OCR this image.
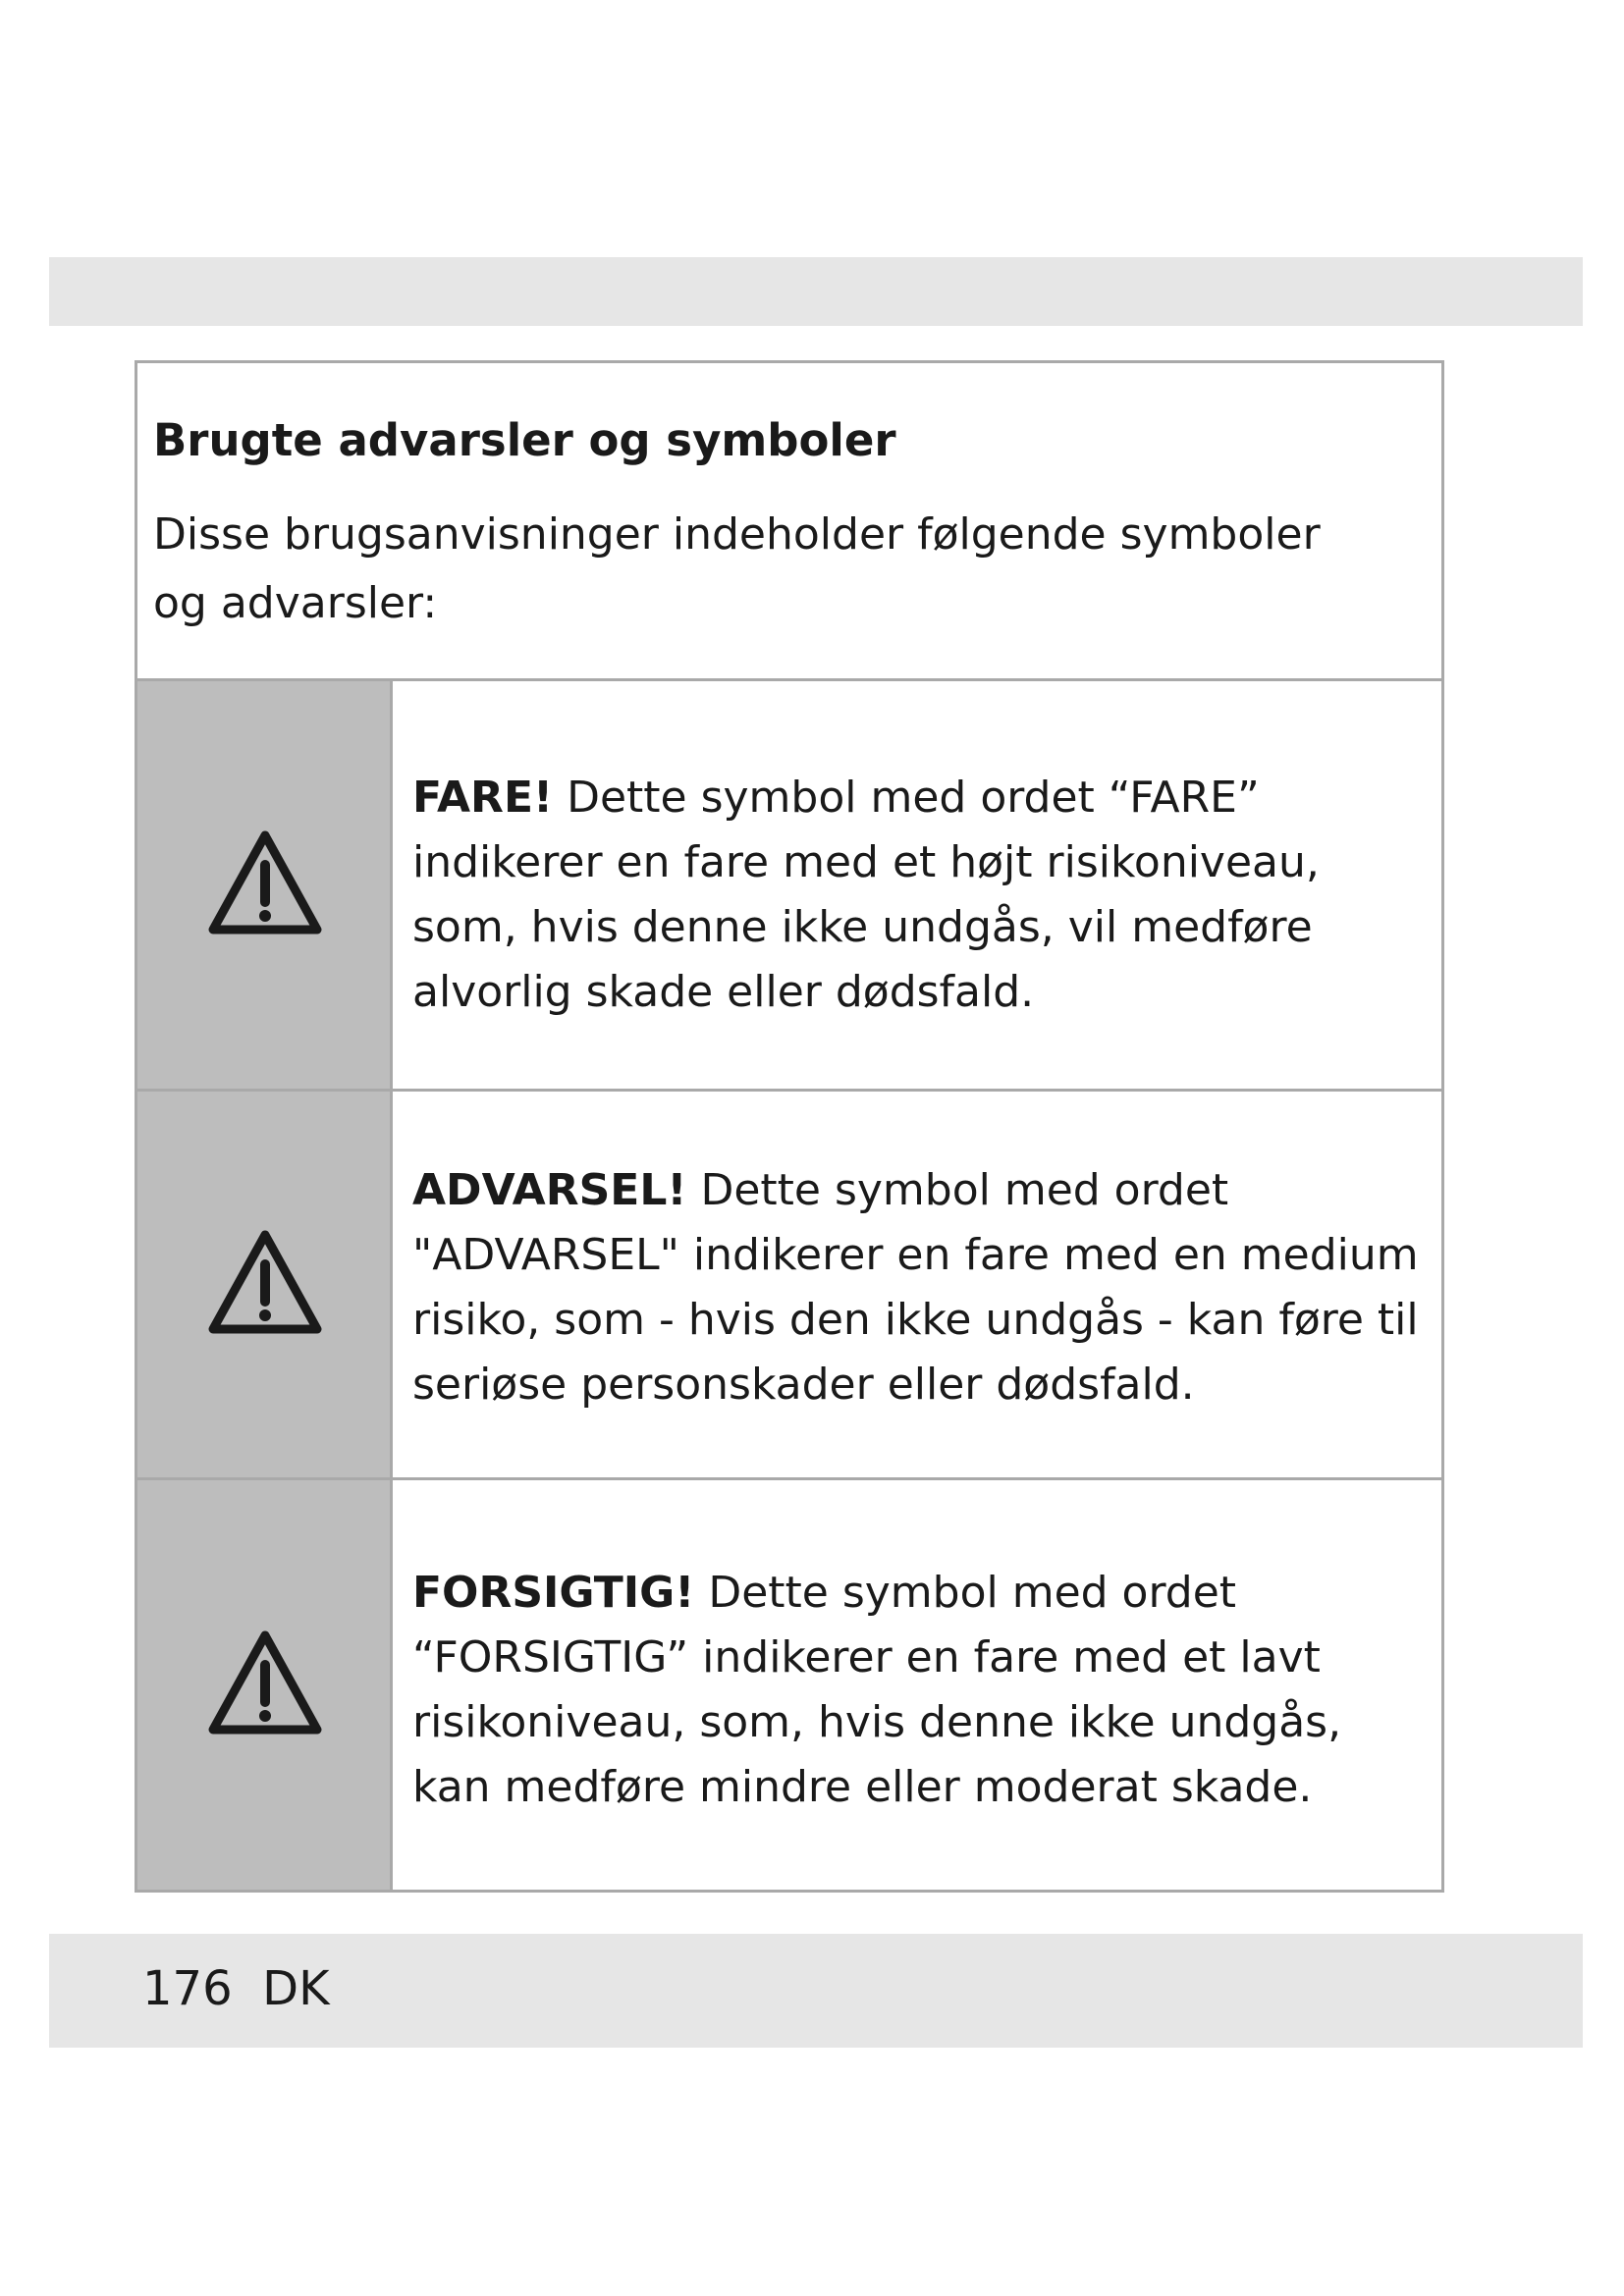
Brugte advarsler og symboler
Disse brugsanvisninger indeholder følgende symboler og advarsler:
FARE! Dette symbol med ordet “FARE” indikerer en fare med et højt risikoniveau, som, hvis denne ikke undgås, vil medføre alvorlig skade eller dødsfald.
ADVARSEL! Dette symbol med ordet "ADVARSEL" indikerer en fare med en medium risiko, som - hvis den ikke undgås - kan føre til seriøse personskader eller dødsfald.
FORSIGTIG! Dette symbol med ordet “FORSIGTIG” indikerer en fare med et lavt risikoniveau, som, hvis denne ikke undgås, kan medføre mindre eller moderat skade.
176 DK
